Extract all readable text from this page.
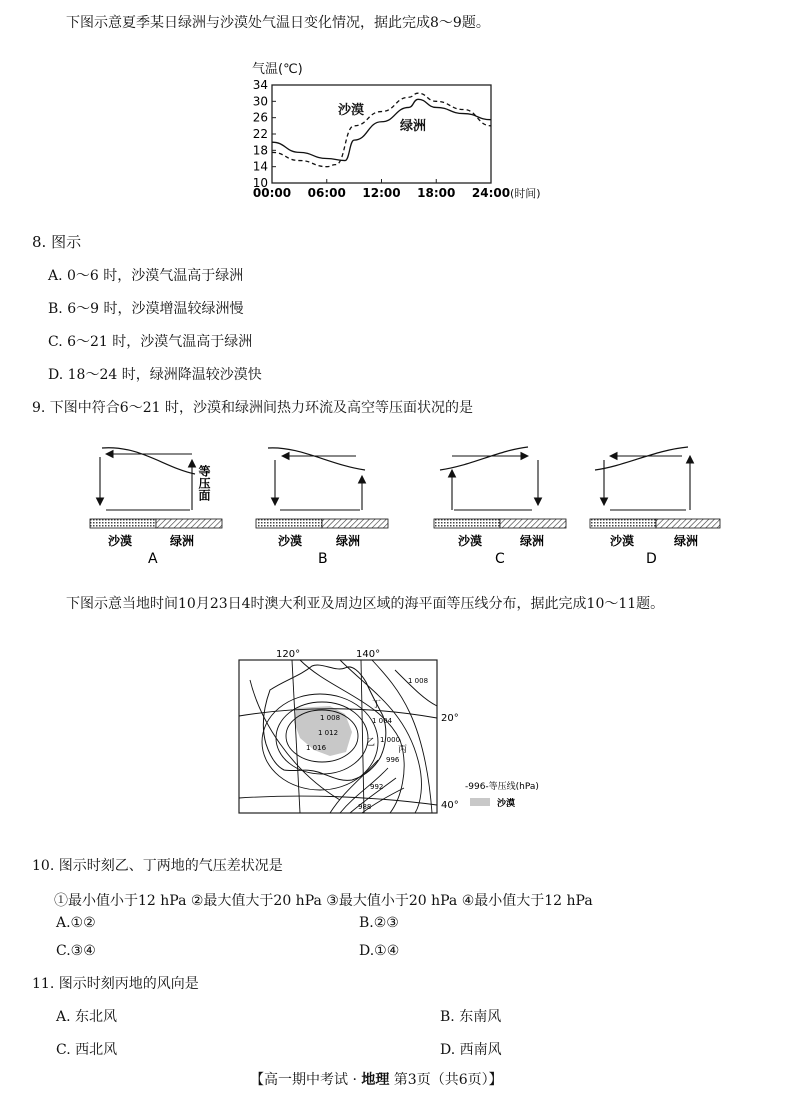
下图示意夏季某日绿洲与沙漠处气温日变化情况，据此完成8～9题。
气温(℃)
34
30
26
22
18
14
10
00:00 06:00 12:00 18:00 24:00 (时间)
沙漠
绿洲
8. 图示
A. 0～6 时，沙漠气温高于绿洲
B. 6～9 时，沙漠增温较绿洲慢
C. 6～21 时，沙漠气温高于绿洲
D. 18～24 时，绿洲降温较沙漠快
9. 下图中符合6～21 时，沙漠和绿洲间热力环流及高空等压面状况的是
等压面
沙漠	绿洲
A
沙漠	绿洲
B
沙漠	绿洲
C
沙漠	绿洲
D
下图示意当地时间10月23日4时澳大利亚及周边区域的海平面等压线分布，据此完成10～11题。
120°	140°
20°
40°
1 008
1 008	1 004
1 012
1 000
1 016
996
992
988
丁
乙
丙
-996-等压线(hPa)
沙漠
10. 图示时刻乙、丁两地的气压差状况是
①最小值小于12 hPa ②最大值大于20 hPa ③最大值小于20 hPa ④最小值大于12 hPa
A.①②	B.②③
C.③④	D.①④
11. 图示时刻丙地的风向是
A. 东北风	B. 东南风
C. 西北风	D. 西南风
【高一期中考试 · 地理 第3页（共6页）】
